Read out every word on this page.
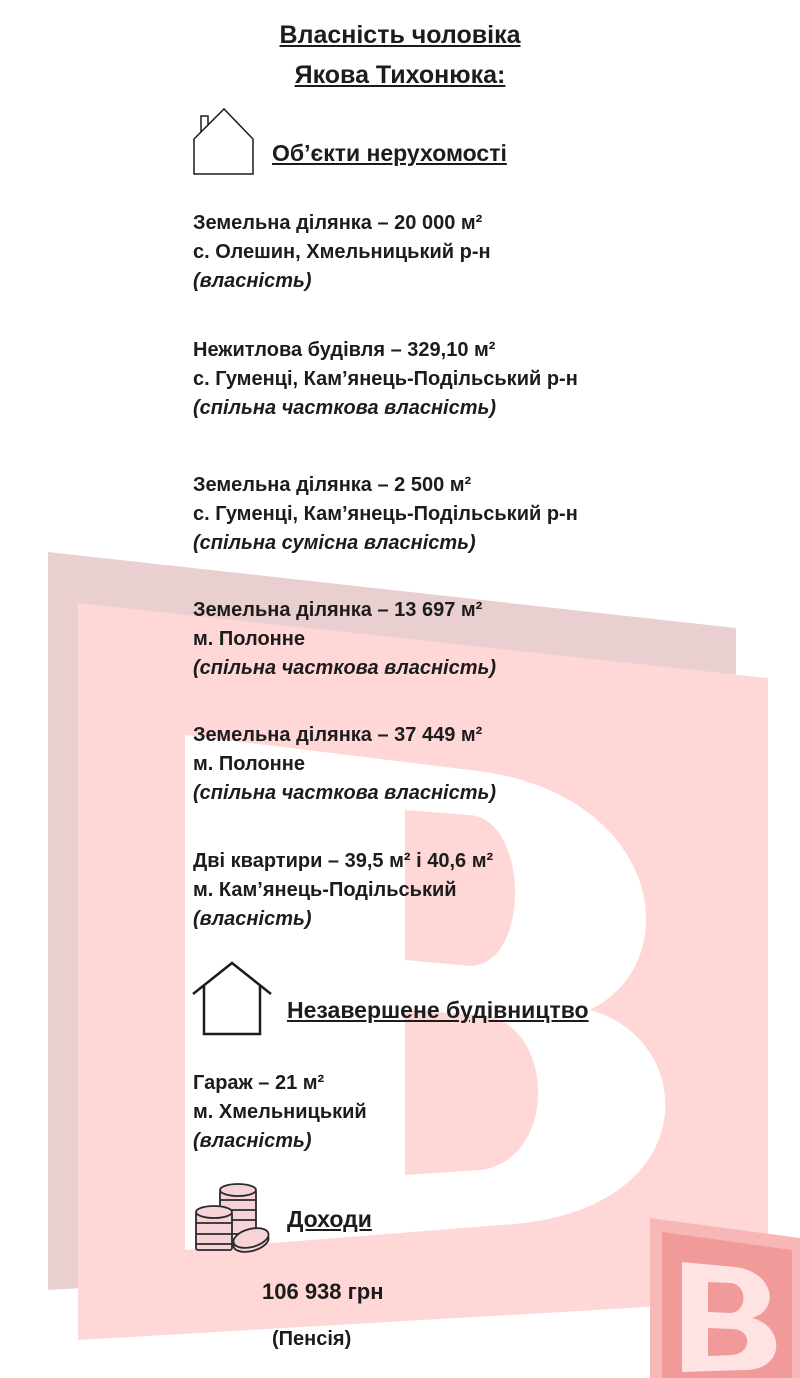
Власність чоловіка
Якова Тихонюка:
Об’єкти нерухомості
Земельна ділянка – 20 000 м²
с. Олешин, Хмельницький р-н
(власність)
Нежитлова будівля – 329,10 м²
с. Гуменці, Кам’янець-Подільський р-н
(спільна часткова власність)
Земельна ділянка – 2 500 м²
с. Гуменці, Кам’янець-Подільський р-н
(спільна сумісна власність)
Земельна ділянка – 13 697 м²
м. Полонне
(спільна часткова власність)
Земельна ділянка – 37 449 м²
м. Полонне
(спільна часткова власність)
Дві квартири – 39,5 м² і 40,6 м²
м. Кам’янець-Подільський
(власність)
Незавершене будівництво
Гараж – 21 м²
м. Хмельницький
(власність)
Доходи
106 938 грн
(Пенсія)
